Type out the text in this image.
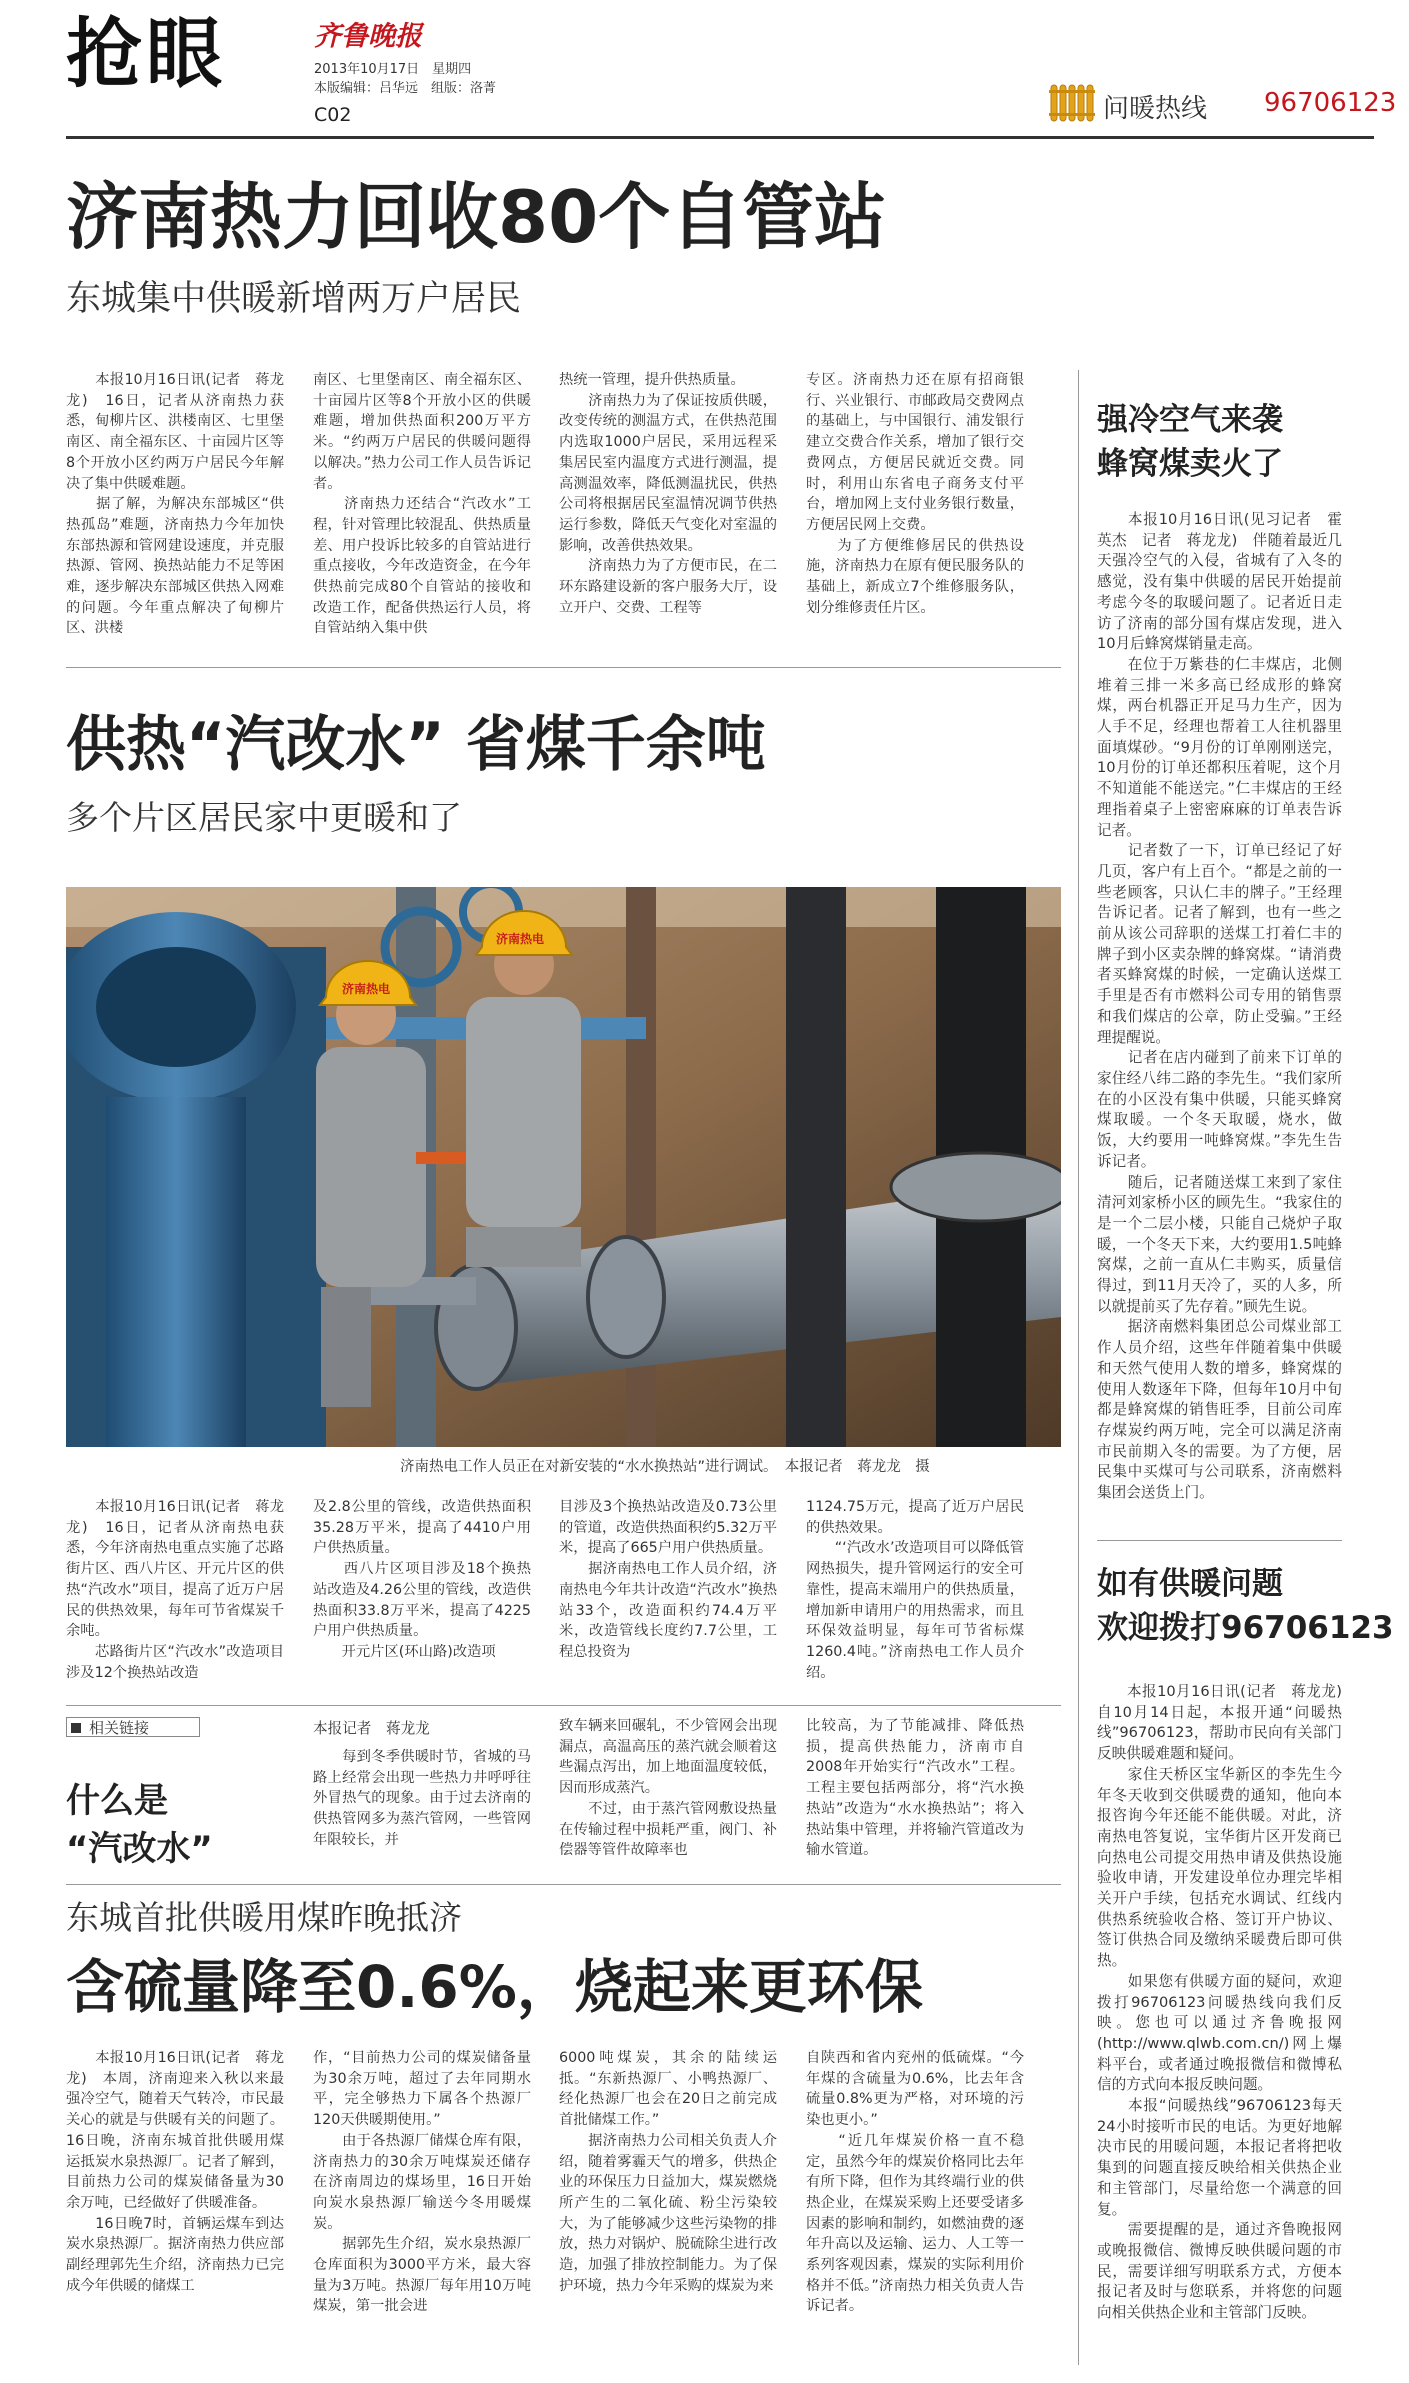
抢眼	齐鲁晚报
2013年10月17日　星期四
本版编辑：吕华远　组版：洛菁
C02	问暖热线 96706123
济南热力回收80个自管站
东城集中供暖新增两万户居民
　　本报10月16日讯(记者　蒋龙龙)　16日，记者从济南热力获悉，甸柳片区、洪楼南区、七里堡南区、南全福东区、十亩园片区等8个开放小区约两万户居民今年解决了集中供暖难题。
　　据了解，为解决东部城区“供热孤岛”难题，济南热力今年加快东部热源和管网建设速度，并克服热源、管网、换热站能力不足等困难，逐步解决东部城区供热入网难的问题。今年重点解决了甸柳片区、洪楼
南区、七里堡南区、南全福东区、十亩园片区等8个开放小区的供暖难题，增加供热面积200万平方米。“约两万户居民的供暖问题得以解决。”热力公司工作人员告诉记者。
　　济南热力还结合“汽改水”工程，针对管理比较混乱、供热质量差、用户投诉比较多的自管站进行重点接收，今年改造资金，在今年供热前完成80个自管站的接收和改造工作，配备供热运行人员，将自管站纳入集中供
热统一管理，提升供热质量。
　　济南热力为了保证按质供暖，改变传统的测温方式，在供热范围内选取1000户居民，采用远程采集居民室内温度方式进行测温，提高测温效率，降低测温扰民，供热公司将根据居民室温情况调节供热运行参数，降低天气变化对室温的影响，改善供热效果。
　　济南热力为了方便市民，在二环东路建设新的客户服务大厅，设立开户、交费、工程等
专区。济南热力还在原有招商银行、兴业银行、市邮政局交费网点的基础上，与中国银行、浦发银行建立交费合作关系，增加了银行交费网点，方便居民就近交费。同时，利用山东省电子商务支付平台，增加网上支付业务银行数量，方便居民网上交费。
　　为了方便维修居民的供热设施，济南热力在原有便民服务队的基础上，新成立7个维修服务队，划分维修责任片区。
供热“汽改水” 省煤千余吨
多个片区居民家中更暖和了
济南热电
济南热电
济南热电工作人员正在对新安装的“水水换热站”进行调试。　本报记者　蒋龙龙　摄
　　本报10月16日讯(记者　蒋龙龙)　16日，记者从济南热电获悉，今年济南热电重点实施了芯路街片区、西八片区、开元片区的供热“汽改水”项目，提高了近万户居民的供热效果，每年可节省煤炭千余吨。
　　芯路街片区“汽改水”改造项目涉及12个换热站改造
及2.8公里的管线，改造供热面积35.28万平米，提高了4410户用户供热质量。
　　西八片区项目涉及18个换热站改造及4.26公里的管线，改造供热面积33.8万平米，提高了4225户用户供热质量。
　　开元片区(环山路)改造项
目涉及3个换热站改造及0.73公里的管道，改造供热面积约5.32万平米，提高了665户用户供热质量。
　　据济南热电工作人员介绍，济南热电今年共计改造“汽改水”换热站33个，改造面积约74.4万平米，改造管线长度约7.7公里，工程总投资为
1124.75万元，提高了近万户居民的供热效果。
　　“‘汽改水’改造项目可以降低管网热损失，提升管网运行的安全可靠性，提高末端用户的供热质量，增加新申请用户的用热需求，而且环保效益明显，每年可节省标煤1260.4吨。”济南热电工作人员介绍。
相关链接
什么是
“汽改水”
本报记者　蒋龙龙
　　每到冬季供暖时节，省城的马路上经常会出现一些热力井呼呼往外冒热气的现象。由于过去济南的供热管网多为蒸汽管网，一些管网年限较长，并
致车辆来回碾轧，不少管网会出现漏点，高温高压的蒸汽就会顺着这些漏点泻出，加上地面温度较低，因而形成蒸汽。
　　不过，由于蒸汽管网敷设热量在传输过程中损耗严重，阀门、补偿器等管件故障率也
比较高，为了节能减排、降低热损，提高供热能力，济南市自2008年开始实行“汽改水”工程。工程主要包括两部分，将“汽水换热站”改造为“水水换热站”；将入热站集中管理，并将输汽管道改为输水管道。
东城首批供暖用煤昨晚抵济
含硫量降至0.6%，烧起来更环保
　　本报10月16日讯(记者　蒋龙龙)　本周，济南迎来入秋以来最强冷空气，随着天气转冷，市民最关心的就是与供暖有关的问题了。16日晚，济南东城首批供暖用煤运抵炭水泉热源厂。记者了解到，目前热力公司的煤炭储备量为30余万吨，已经做好了供暖准备。
　　16日晚7时，首辆运煤车到达炭水泉热源厂。据济南热力供应部副经理郭先生介绍，济南热力已完成今年供暖的储煤工
作，“目前热力公司的煤炭储备量为30余万吨，超过了去年同期水平，完全够热力下属各个热源厂120天供暖期使用。”
　　由于各热源厂储煤仓库有限，济南热力的30余万吨煤炭还储存在济南周边的煤场里，16日开始向炭水泉热源厂输送今冬用暖煤炭。
　　据郭先生介绍，炭水泉热源厂仓库面积为3000平方米，最大容量为3万吨。热源厂每年用10万吨煤炭，第一批会进
6000吨煤炭，其余的陆续运抵。“东新热源厂、小鸭热源厂、经化热源厂也会在20日之前完成首批储煤工作。”
　　据济南热力公司相关负责人介绍，随着雾霾天气的增多，供热企业的环保压力日益加大，煤炭燃烧所产生的二氧化硫、粉尘污染较大，为了能够减少这些污染物的排放，热力对锅炉、脱硫除尘进行改造，加强了排放控制能力。为了保护环境，热力今年采购的煤炭为来
自陕西和省内兖州的低硫煤。“今年煤的含硫量为0.6%，比去年含硫量0.8%更为严格，对环境的污染也更小。”
　　“近几年煤炭价格一直不稳定，虽然今年的煤炭价格同比去年有所下降，但作为其终端行业的供热企业，在煤炭采购上还要受诸多因素的影响和制约，如燃油费的逐年升高以及运输、运力、人工等一系列客观因素，煤炭的实际利用价格并不低。”济南热力相关负责人告诉记者。
强冷空气来袭
蜂窝煤卖火了
　　本报10月16日讯(见习记者　霍英杰　记者　蒋龙龙)　伴随着最近几天强冷空气的入侵，省城有了入冬的感觉，没有集中供暖的居民开始提前考虑今冬的取暖问题了。记者近日走访了济南的部分国有煤店发现，进入10月后蜂窝煤销量走高。
　　在位于万紫巷的仁丰煤店，北侧堆着三排一米多高已经成形的蜂窝煤，两台机器正开足马力生产，因为人手不足，经理也帮着工人往机器里面填煤砂。“9月份的订单刚刚送完，10月份的订单还都积压着呢，这个月不知道能不能送完。”仁丰煤店的王经理指着桌子上密密麻麻的订单表告诉记者。
　　记者数了一下，订单已经记了好几页，客户有上百个。“都是之前的一些老顾客，只认仁丰的牌子。”王经理告诉记者。记者了解到，也有一些之前从该公司辞职的送煤工打着仁丰的牌子到小区卖杂牌的蜂窝煤。“请消费者买蜂窝煤的时候，一定确认送煤工手里是否有市燃料公司专用的销售票和我们煤店的公章，防止受骗。”王经理提醒说。
　　记者在店内碰到了前来下订单的家住经八纬二路的李先生。“我们家所在的小区没有集中供暖，只能买蜂窝煤取暖。一个冬天取暖，烧水，做饭，大约要用一吨蜂窝煤。”李先生告诉记者。
　　随后，记者随送煤工来到了家住清河刘家桥小区的顾先生。“我家住的是一个二层小楼，只能自己烧炉子取暖，一个冬天下来，大约要用1.5吨蜂窝煤，之前一直从仁丰购买，质量信得过，到11月天冷了，买的人多，所以就提前买了先存着。”顾先生说。
　　据济南燃料集团总公司煤业部工作人员介绍，这些年伴随着集中供暖和天然气使用人数的增多，蜂窝煤的使用人数逐年下降，但每年10月中旬都是蜂窝煤的销售旺季，目前公司库存煤炭约两万吨，完全可以满足济南市民前期入冬的需要。为了方便，居民集中买煤可与公司联系，济南燃料集团会送货上门。
如有供暖问题
欢迎拨打96706123
　　本报10月16日讯(记者　蒋龙龙)　自10月14日起，本报开通“问暖热线”96706123，帮助市民向有关部门反映供暖难题和疑问。
　　家住天桥区宝华新区的李先生今年冬天收到交供暖费的通知，他向本报咨询今年还能不能供暖。对此，济南热电答复说，宝华街片区开发商已向热电公司提交用热申请及供热设施验收申请，开发建设单位办理完毕相关开户手续，包括充水调试、红线内供热系统验收合格、签订开户协议、签订供热合同及缴纳采暖费后即可供热。
　　如果您有供暖方面的疑问，欢迎拨打96706123问暖热线向我们反映。您也可以通过齐鲁晚报网(http://www.qlwb.com.cn/)网上爆料平台，或者通过晚报微信和微博私信的方式向本报反映问题。
　　本报“问暖热线”96706123每天24小时接听市民的电话。为更好地解决市民的用暖问题，本报记者将把收集到的问题直接反映给相关供热企业和主管部门，尽量给您一个满意的回复。
　　需要提醒的是，通过齐鲁晚报网或晚报微信、微博反映供暖问题的市民，需要详细写明联系方式，方便本报记者及时与您联系，并将您的问题向相关供热企业和主管部门反映。
